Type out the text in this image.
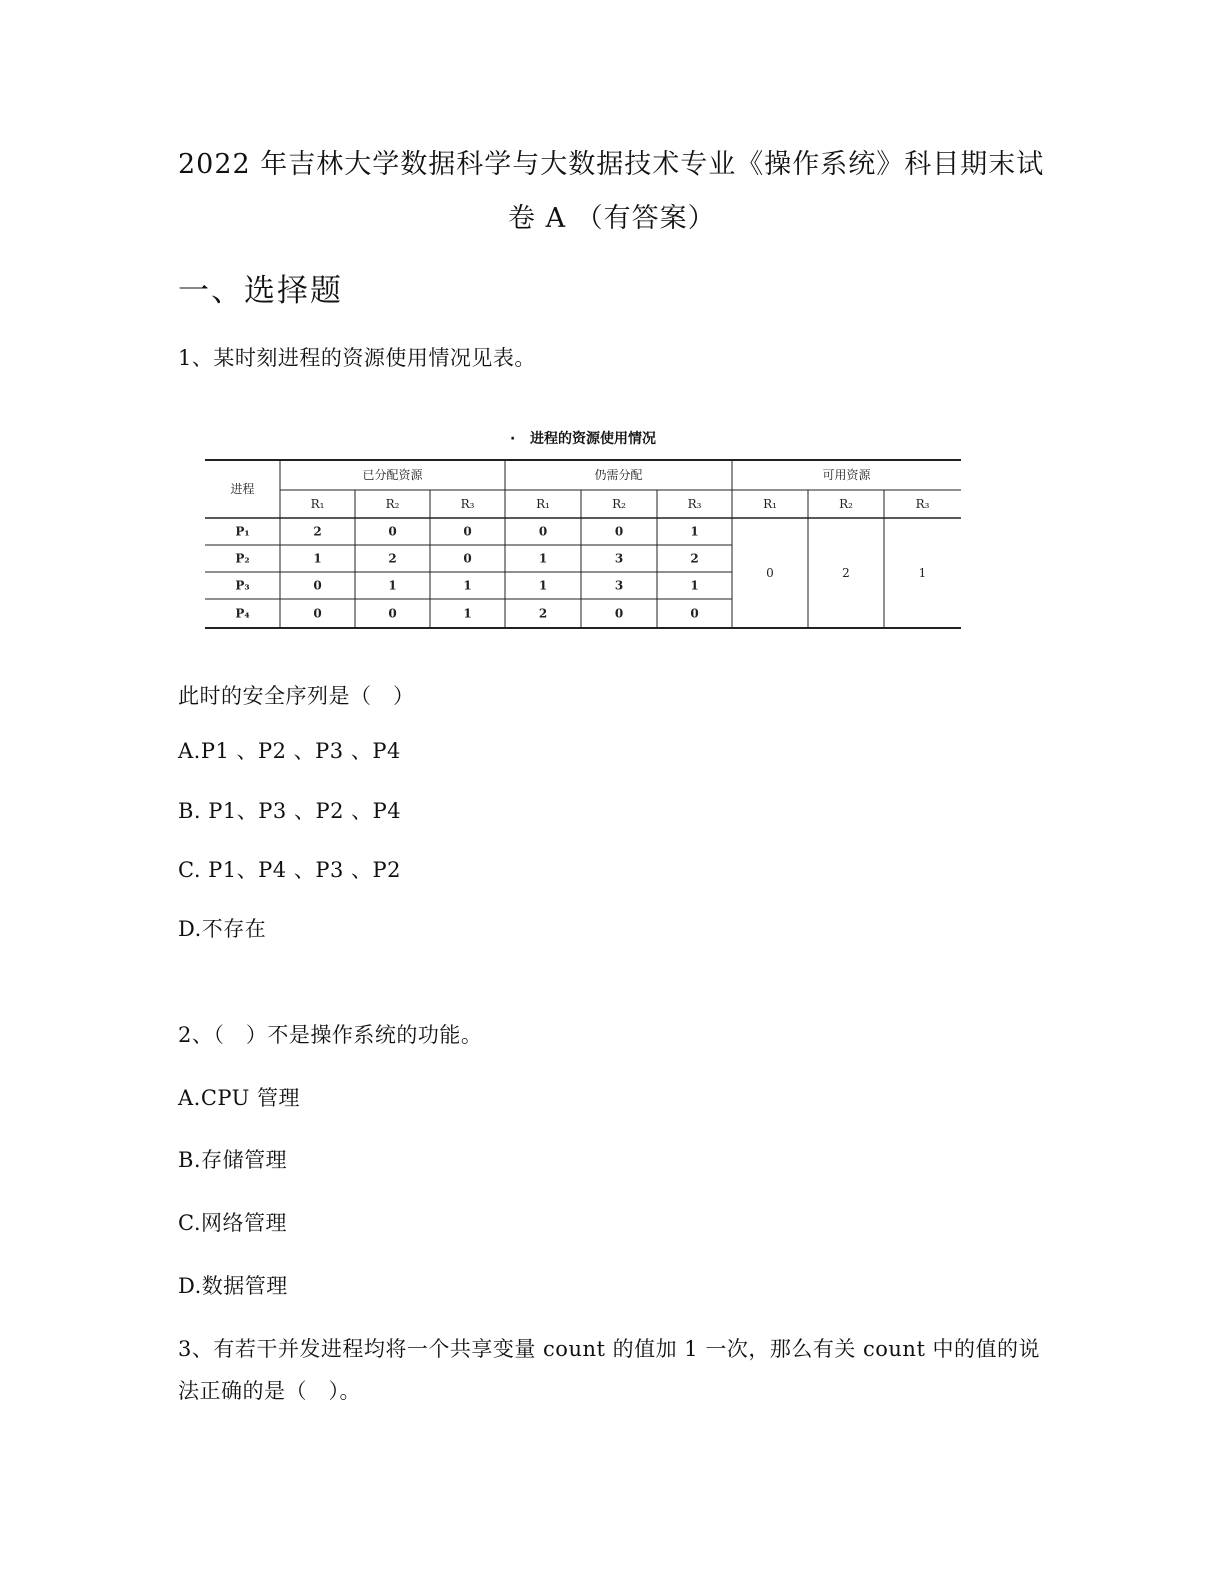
2022 年吉林大学数据科学与大数据技术专业《操作系统》科目期末试
卷 A （有答案）
一、选择题
1、某时刻进程的资源使用情况见表。
· 进程的资源使用情况
进程
已分配资源	仍需分配	可用资源
R₁	R₂	R₃	R₁	R₂	R₃	R₁	R₂	R₃
P₁	2	0	0	0	0	1
P₂	1	2	0	1	3	2
P₃	0	1	1	1	3	1
P₄	0	0	1	2	0	0
0	2	1
此时的安全序列是（　）
A.P1 、P2 、P3 、P4
B. P1、P3 、P2 、P4
C. P1、P4 、P3 、P2
D.不存在
2、（　）不是操作系统的功能。
A.CPU 管理
B.存储管理
C.网络管理
D.数据管理
3、有若干并发进程均将一个共享变量 count 的值加 1 一次，那么有关 count 中的值的说
法正确的是（　）。
